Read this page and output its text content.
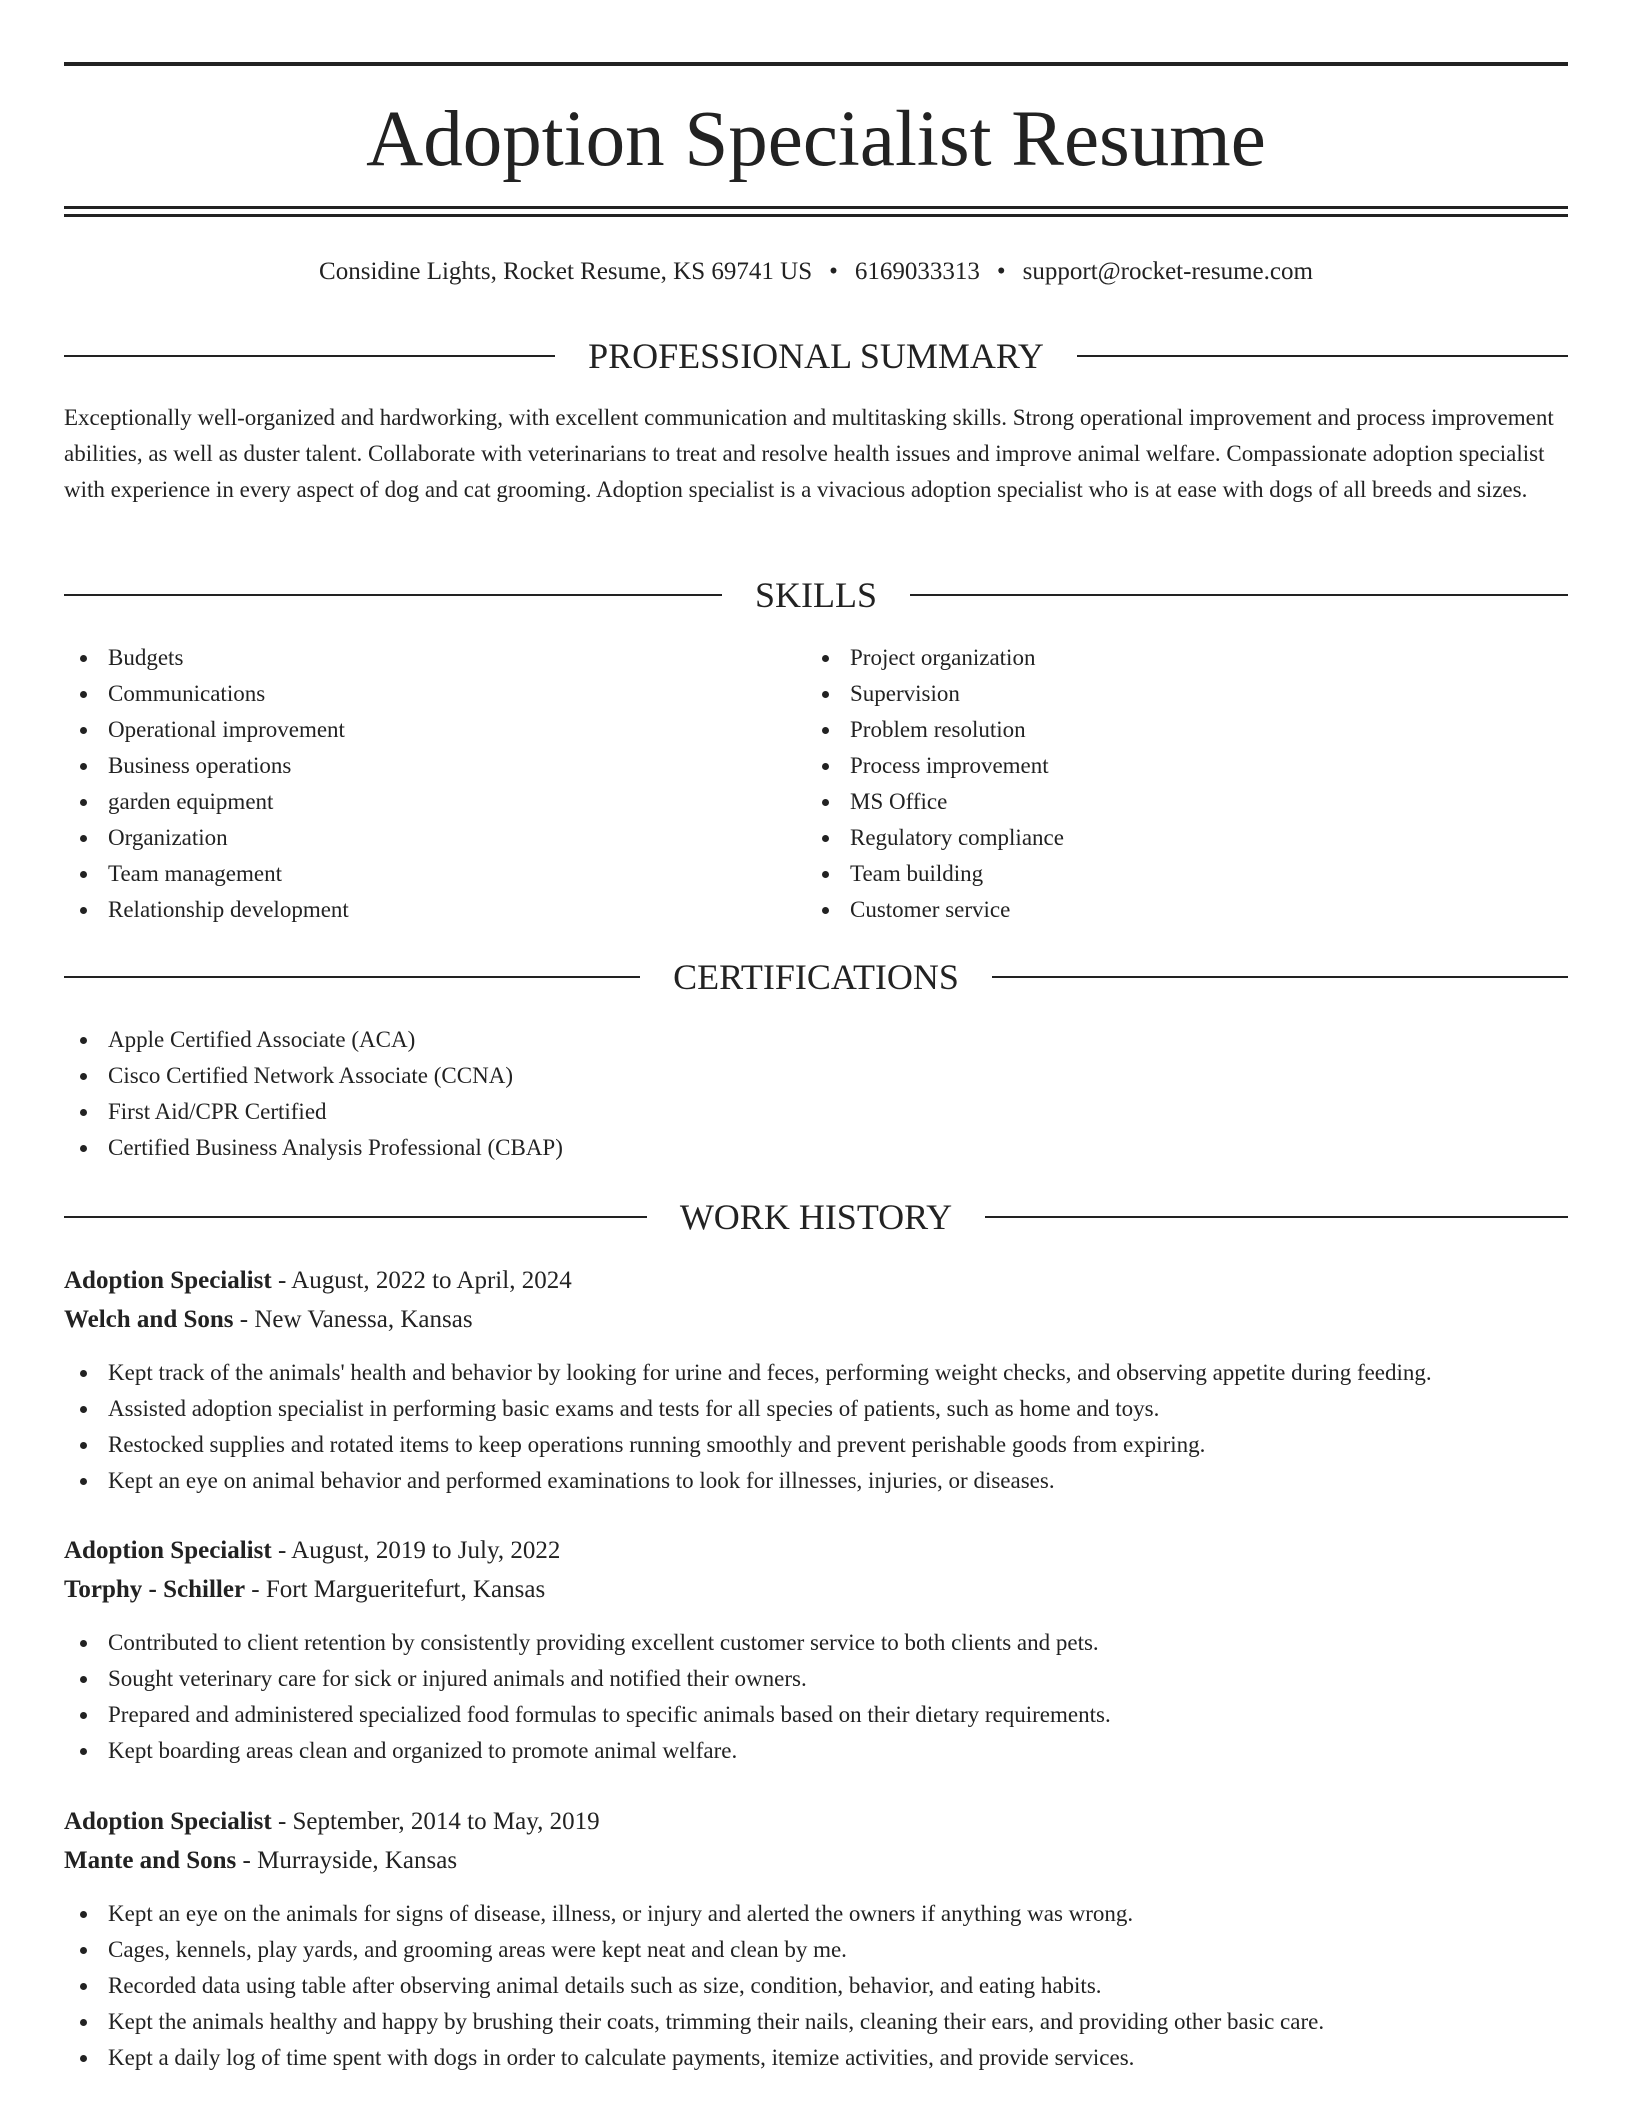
Adoption Specialist Resume
Considine Lights, Rocket Resume, KS 69741 US • 6169033313 • support@rocket-resume.com
PROFESSIONAL SUMMARY

Exceptionally well-organized and hardworking, with excellent communication and multitasking skills. Strong operational improvement and process improvement abilities, as well as duster talent. Collaborate with veterinarians to treat and resolve health issues and improve animal welfare. Compassionate adoption specialist with experience in every aspect of dog and cat grooming. Adoption specialist is a vivacious adoption specialist who is at ease with dogs of all breeds and sizes.

SKILLS
Budgets
Communications
Operational improvement
Business operations
garden equipment
Organization
Team management
Relationship development
Project organization
Supervision
Problem resolution
Process improvement
MS Office
Regulatory compliance
Team building
Customer service
CERTIFICATIONS
Apple Certified Associate (ACA)
Cisco Certified Network Associate (CCNA)
First Aid/CPR Certified
Certified Business Analysis Professional (CBAP)
WORK HISTORY
Adoption Specialist - August, 2022 to April, 2024
Welch and Sons - New Vanessa, Kansas
Kept track of the animals' health and behavior by looking for urine and feces, performing weight checks, and observing appetite during feeding.
Assisted adoption specialist in performing basic exams and tests for all species of patients, such as home and toys.
Restocked supplies and rotated items to keep operations running smoothly and prevent perishable goods from expiring.
Kept an eye on animal behavior and performed examinations to look for illnesses, injuries, or diseases.
Adoption Specialist - August, 2019 to July, 2022
Torphy - Schiller - Fort Margueritefurt, Kansas
Contributed to client retention by consistently providing excellent customer service to both clients and pets.
Sought veterinary care for sick or injured animals and notified their owners.
Prepared and administered specialized food formulas to specific animals based on their dietary requirements.
Kept boarding areas clean and organized to promote animal welfare.
Adoption Specialist - September, 2014 to May, 2019
Mante and Sons - Murrayside, Kansas
Kept an eye on the animals for signs of disease, illness, or injury and alerted the owners if anything was wrong.
Cages, kennels, play yards, and grooming areas were kept neat and clean by me.
Recorded data using table after observing animal details such as size, condition, behavior, and eating habits.
Kept the animals healthy and happy by brushing their coats, trimming their nails, cleaning their ears, and providing other basic care.
Kept a daily log of time spent with dogs in order to calculate payments, itemize activities, and provide services.
